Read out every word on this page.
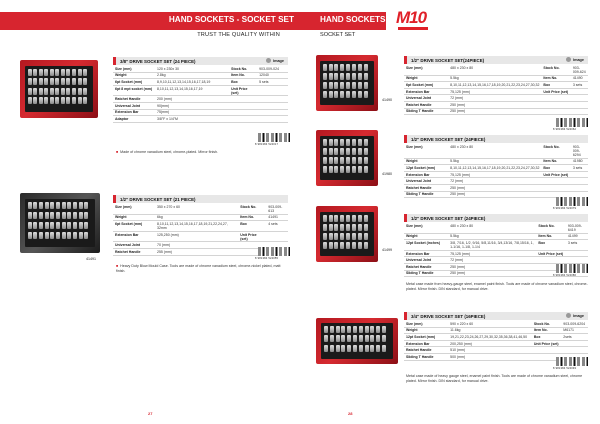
HAND SOCKETS - SOCKET SET
TRUST THE QUALITY WITHIN
3/8" DRIVE SOCKET SET (24 PIECE)	Image
Size (mm)	120 x 230x 30	Stock No.	903-009-024
Weight	2.8kg	Item No.	12040
6pt Socket (mm)	8,9,10,11,12,13,14,15,16,17,18,19	Box	5 sets
6pt 8 mpt socket (mm)	8,10,11,12,13,14,15,16,17,19	Unit Price (set)	
Ratchet Handle	200 (mm)		
Universal Joint	90(mm)		
Extension Bar	75(mm)		
Adaptor	3/8"F x 1/4"M		
8 981384 524017
■ Made of chrome vanadium steel, chrome-plated. Mirror finish.
41491
1/2" DRIVE SOCKET SET (21 PIECE)
Size (mm)	350 x 270 x 60	Stock No.	903-009-613
Weight	6kg	Item No.	41491
6pt Socket (mm)	8,10,11,12,13,14,15,16,17,18,19,21,22,24,27, 32mm	Box	4 sets
Extension Bar	125,250 (mm)	Unit Price (set)	
Universal Joint	70 (mm)		
Ratchet Handle	255 (mm)		
8 981384 524055
■ Heavy Duty Blow Mould Case. Tools are made of chrome vanadium steel, chrome-nickel plated, matt finish.
27
HAND SOCKETS M10
SOCKET SET
41490
1/2" DRIVE SOCKET SET(24PIECE)	Image
Size (mm)	480 x 230 x 80	Stock No.	903-009-624
Weight	5.5kg	Item No.	41490
6pt Socket (mm)	8,10,11,12,13,14,15,16,17,18,19,20,21,22,23,24,27,30,32	Box	3 sets
Extension Bar	75,125 (mm)	Unit Price (set)	
Universal Joint	72 (mm)		
Ratchet Handle	250 (mm)		
Sliding T Handle	250 (mm)		
8 981384 524062
41980
1/2" DRIVE SOCKET SET (24PIECE)
Size (mm)	480 x 230 x 80	Stock No.	903-009-6294
Weight	5.5kg	Item No.	41980
12pt Socket (mm)	8,10,11,12,13,14,15,16,17,18,19,20,21,22,23,24,27,30,32	Box	3 sets
Extension Bar	75,125 (mm)	Unit Price (set)	
Universal Joint	72 (mm)		
Ratchet Handle	250 (mm)		
Sliding T Handle	250 (mm)		
8 981384 524079
41499
1/2" DRIVE SOCKET SET (24PIECE)
Size (mm)	480 x 230 x 80	Stock No.	903-009-6419
Weight	5.5kg	Item No.	41499
12pt Socket (inches)	3/8, 7/16, 1/2, 9/16, 5/8,11/16, 3/4,13/16, 7/8,15/16, 1, 1-1/16, 1-1/8, 1-1/4	Box	3 sets
Extension Bar	75,125 (mm)	Unit Price (set)	
Universal Joint	72 (mm)		
Ratchet Handle	250 (mm)		
Sliding T Handle	250 (mm)		
8 981384 524086
Metal case made from heavy-gauge steel, enamel paint finish. Tools are made of chrome vanadium steel, chrome-plated. Mirror finish. DIN standard, for manual drive.
3/4" DRIVE SOCKET SET (16PIECE)	Image
Size (mm)	590 x 220 x 60	Stock No.	903-009-6204
Weight	11.6kg	Item No.	M6171
12pt Socket (mm)	19,21,22,23,24,26,27,29,30,32,35,36,38,41,46,50	Box	2sets
Extension Bar	200,250 (mm)	Unit Price (set)	
Ratchet Handle	510 (mm)		
Sliding T Handle	500 (mm)		
8 981384 524093
Metal case made of heavy gauge steel, enamel paint finish. Tools are made of chrome vanadium steel, chrome plated. Mirror finish. DIN standard, for manual drive.
28
